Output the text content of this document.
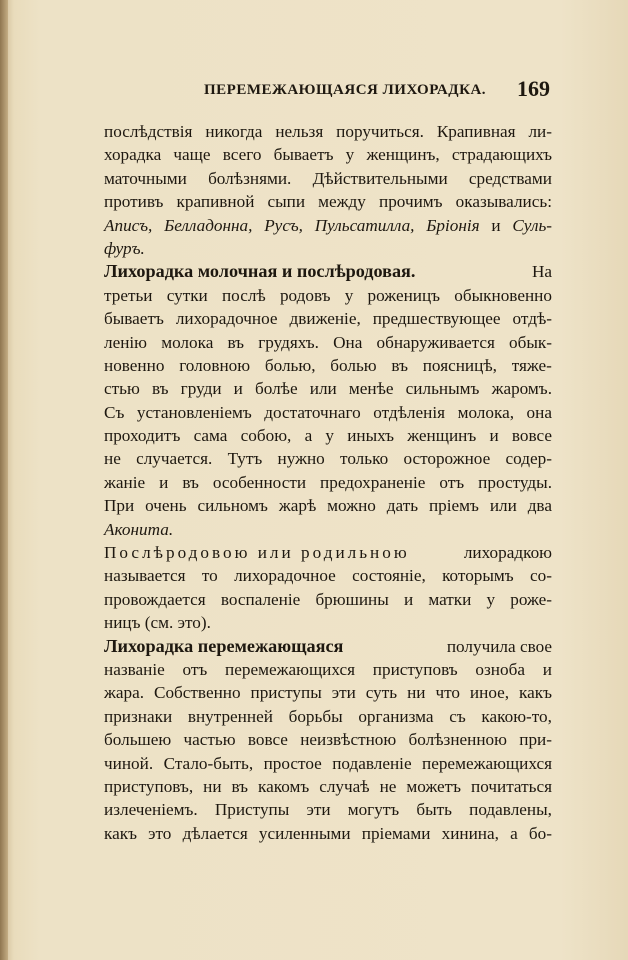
ПЕРЕМЕЖАЮЩАЯСЯ ЛИХОРАДКА. 169
послѣдствія никогда нельзя поручиться. Крапивная ли-
хорадка чаще всего бываетъ у женщинъ, страдающихъ
маточными болѣзнями. Дѣйствительными средствами
противъ крапивной сыпи между прочимъ оказывались:
Аписъ, Белладонна, Русъ, Пульсатилла, Бріонія и Суль-
фуръ.
Лихорадка молочная и послѣродовая.	На
третьи сутки послѣ родовъ у роженицъ обыкновенно
бываетъ лихорадочное движеніе, предшествующее отдѣ-
ленію молока въ грудяхъ. Она обнаруживается обык-
новенно головною болью, болью въ поясницѣ, тяже-
стью въ груди и болѣе или менѣе сильнымъ жаромъ.
Съ установленіемъ достаточнаго отдѣленія молока, она
проходитъ сама собою, а у иныхъ женщинъ и вовсе
не случается. Тутъ нужно только осторожное содер-
жаніе и въ особенности предохраненіе отъ простуды.
При очень сильномъ жарѣ можно дать пріемъ или два
Аконита.
Послѣродовою или родильною	лихорадкою
называется то лихорадочное состояніе, которымъ со-
провождается воспаленіе брюшины и матки у роже-
ницъ (см. это).
Лихорадка перемежающаяся	получила свое
названіе отъ перемежающихся приступовъ озноба и
жара. Собственно приступы эти суть ни что иное, какъ
признаки внутренней борьбы организма съ какою-то,
большею частью вовсе неизвѣстною болѣзненною при-
чиной. Стало-быть, простое подавленіе перемежающихся
приступовъ, ни въ какомъ случаѣ не можетъ почитаться
излеченіемъ. Приступы эти могутъ быть подавлены,
какъ это дѣлается усиленными пріемами хинина, а бо-
